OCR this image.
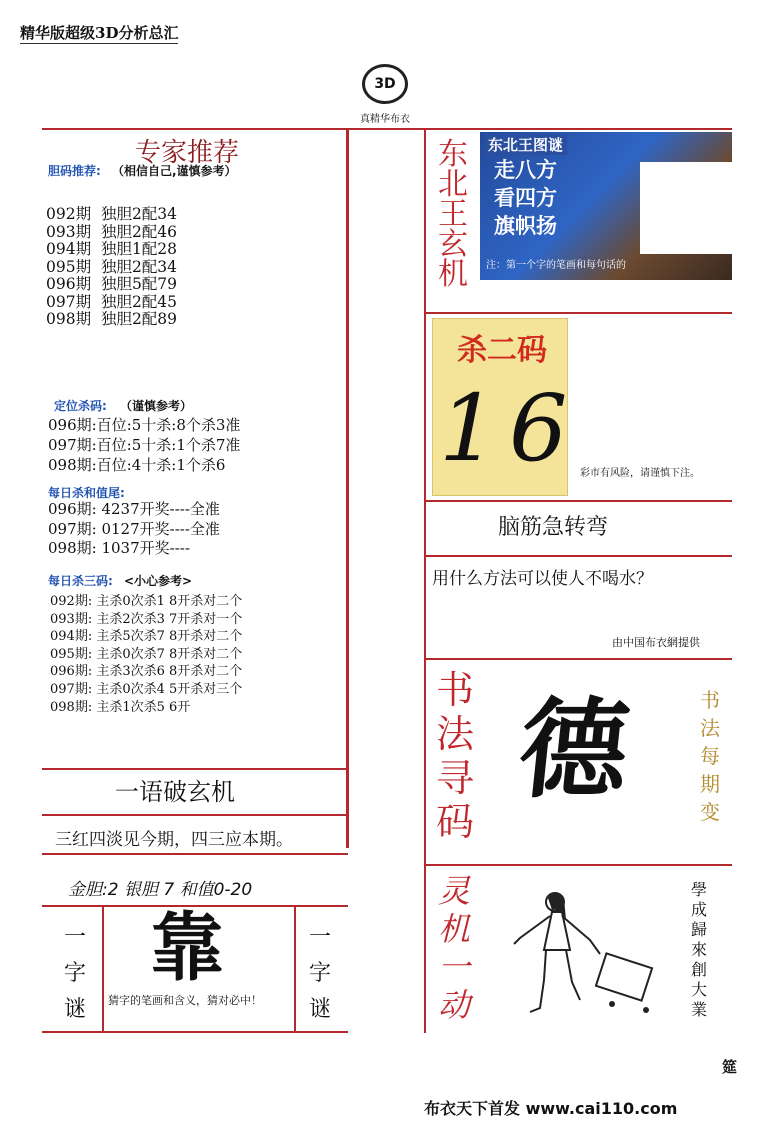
精华版超级3D分析总汇
3D
真精华布衣
专家推荐
胆码推荐: （相信自己,谨慎参考）
092期  独胆2配34
093期  独胆2配46
094期  独胆1配28
095期  独胆2配34
096期  独胆5配79
097期  独胆2配45
098期  独胆2配89
定位杀码: （谨慎参考）
096期:百位:5十杀:8个杀3准
097期:百位:5十杀:1个杀7准
098期:百位:4十杀:1个杀6
每日杀和值尾:
096期: 4237开奖----全准
097期: 0127开奖----全准
098期: 1037开奖----
每日杀三码: <小心参考>
092期: 主杀0次杀1 8开杀对二个
093期: 主杀2次杀3 7开杀对一个
094期: 主杀5次杀7 8开杀对二个
095期: 主杀0次杀7 8开杀对二个
096期: 主杀3次杀6 8开杀对二个
097期: 主杀0次杀4 5开杀对三个
098期: 主杀1次杀5 6开
一语破玄机
三红四淡见今期，四三应本期。
金胆:2 银胆 7 和值0-20
一
字
谜
靠
猜字的笔画和含义，猜对必中！
一
字
谜
东
北
王
玄
机
东北王图谜
走八方
看四方
旗帜扬
注：第一个字的笔画和每句话的
杀二码
1 6 彩市有风险，请谨慎下注。
脑筋急转弯
用什么方法可以使人不喝水？
由中国布衣網提供
书
法
寻
码
德	书
法
每
期
变
灵
机
一
动
學
成
歸
來
創
大
業
筵
布衣天下首发 www.cai110.com
